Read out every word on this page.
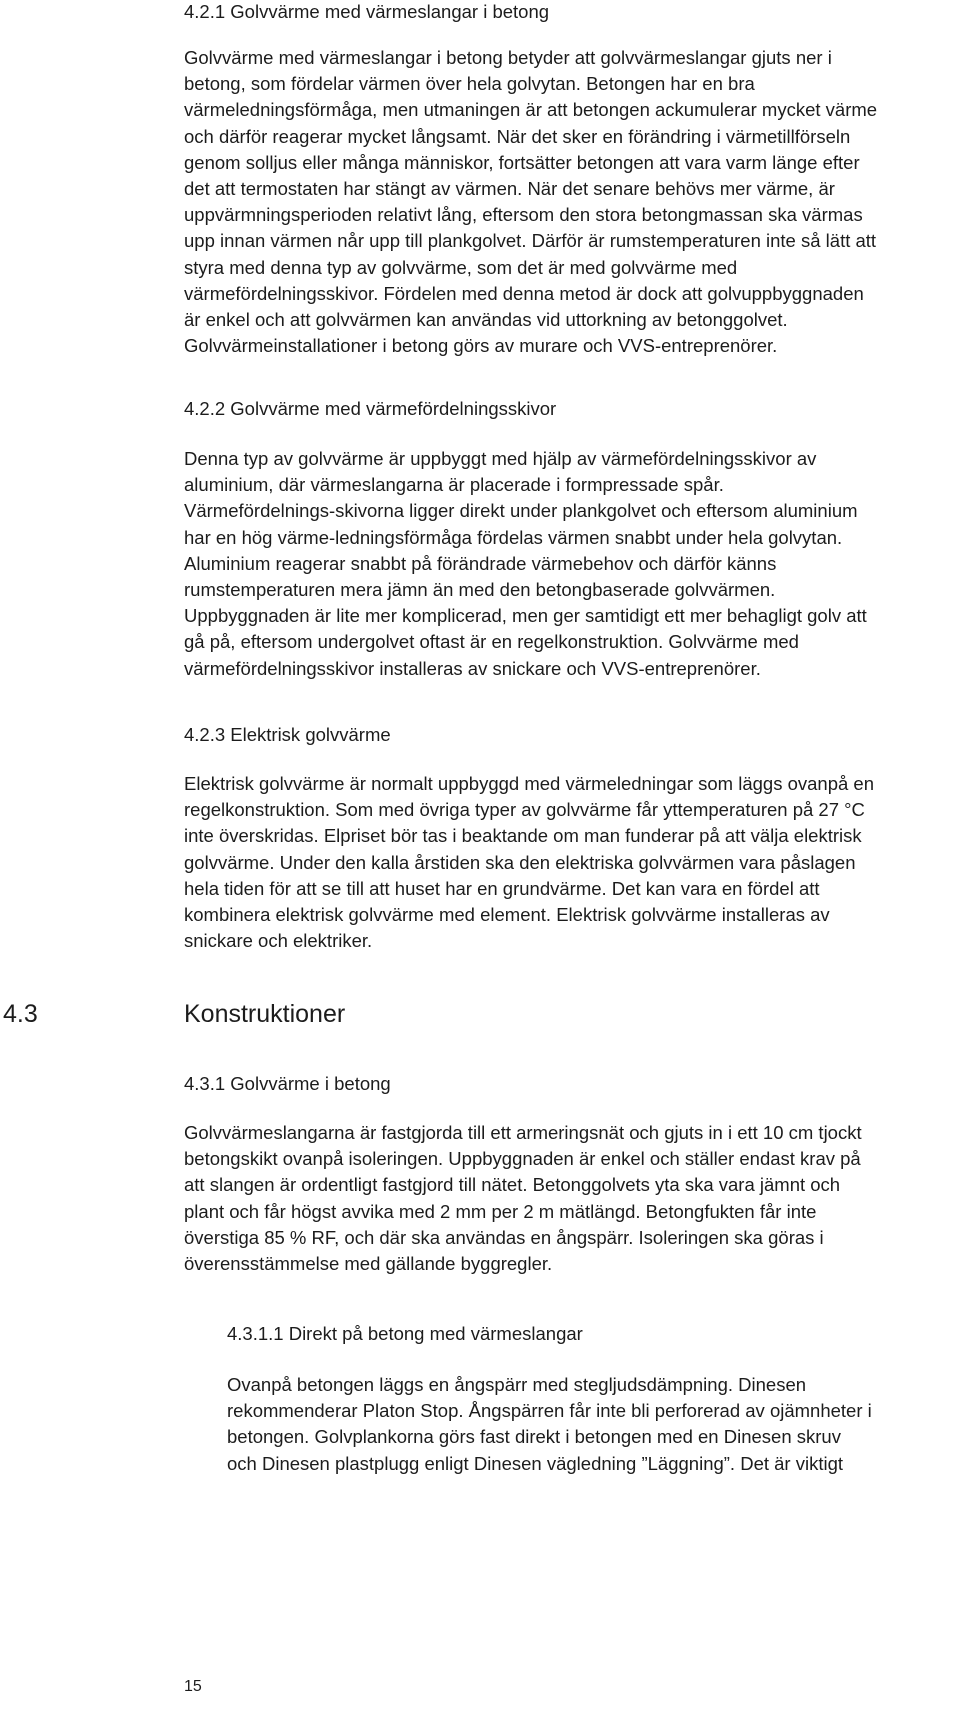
4.2.1 Golvvärme med värmeslangar i betong

Golvvärme med värmeslangar i betong betyder att golvvärmeslangar gjuts ner i betong, som fördelar värmen över hela golvytan. Betongen har en bra värmeledningsförmåga, men utmaningen är att betongen ackumulerar mycket värme och därför reagerar mycket långsamt. När det sker en förändring i värmetillförseln genom solljus eller många människor, fortsätter betongen att vara varm länge efter det att termostaten har stängt av värmen. När det senare behövs mer värme, är uppvärmningsperioden relativt lång, eftersom den stora betongmassan ska värmas upp innan värmen når upp till plankgolvet. Därför är rumstemperaturen inte så lätt att styra med denna typ av golvvärme, som det är med golvvärme med värmefördelningsskivor. Fördelen med denna metod är dock att golvuppbyggnaden är enkel och att golvvärmen kan användas vid uttorkning av betonggolvet. Golvvärmeinstallationer i betong görs av murare och VVS-entreprenörer.

4.2.2 Golvvärme med värmefördelningsskivor

Denna typ av golvvärme är uppbyggt med hjälp av värmefördelningsskivor av aluminium, där värmeslangarna är placerade i formpressade spår. Värmefördelnings-skivorna ligger direkt under plankgolvet och eftersom aluminium har en hög värme-ledningsförmåga fördelas värmen snabbt under hela golvytan. Aluminium reagerar snabbt på förändrade värmebehov och därför känns rumstemperaturen mera jämn än med den betongbaserade golvvärmen. Uppbyggnaden är lite mer komplicerad, men ger samtidigt ett mer behagligt golv att gå på, eftersom undergolvet oftast är en regelkonstruktion. Golvvärme med värmefördelningsskivor installeras av snickare och VVS-entreprenörer.

4.2.3 Elektrisk golvvärme

Elektrisk golvvärme är normalt uppbyggd med värmeledningar som läggs ovanpå en regelkonstruktion. Som med övriga typer av golvvärme får yttemperaturen på 27 °C inte överskridas. Elpriset bör tas i beaktande om man funderar på att välja elektrisk golvvärme. Under den kalla årstiden ska den elektriska golvvärmen vara påslagen hela tiden för att se till att huset har en grundvärme. Det kan vara en fördel att kombinera elektrisk golvvärme med element. Elektrisk golvvärme installeras av snickare och elektriker.

4.3	Konstruktioner
4.3.1 Golvvärme i betong

Golvvärmeslangarna är fastgjorda till ett armeringsnät och gjuts in i ett 10 cm tjockt betongskikt ovanpå isoleringen. Uppbyggnaden är enkel och ställer endast krav på att slangen är ordentligt fastgjord till nätet. Betonggolvets yta ska vara jämnt och plant och får högst avvika med 2 mm per 2 m mätlängd. Betongfukten får inte överstiga 85 % RF, och där ska användas en ångspärr. Isoleringen ska göras i överensstämmelse med gällande byggregler.

4.3.1.1 Direkt på betong med värmeslangar

Ovanpå betongen läggs en ångspärr med stegljudsdämpning. Dinesen rekommenderar Platon Stop. Ångspärren får inte bli perforerad av ojämnheter i betongen. Golvplankorna görs fast direkt i betongen med en Dinesen skruv och Dinesen plastplugg enligt Dinesen vägledning ”Läggning”. Det är viktigt

15
